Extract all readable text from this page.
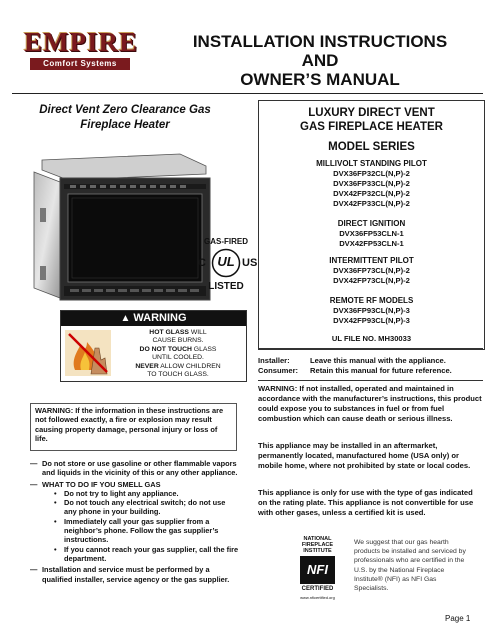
EMPIRE
Comfort Systems
INSTALLATION INSTRUCTIONS
AND
OWNER’S MANUAL
Direct Vent Zero Clearance Gas
Fireplace Heater
GAS-FIRED
UL
C	US
LISTED
▲ WARNING
HOT GLASS WILL
CAUSE BURNS.
DO NOT TOUCH GLASS
UNTIL COOLED.
NEVER ALLOW CHILDREN
TO TOUCH GLASS.
WARNING: If the information in these instructions are not followed exactly, a fire or explosion may result causing property damage, personal injury or loss of life.
— Do not store or use gasoline or other flammable vapors and liquids in the vicinity of this or any other appliance.
— WHAT TO DO IF YOU SMELL GAS
• Do not try to light any appliance.
• Do not touch any electrical switch; do not use any phone in your building.
• Immediately call your gas supplier from a neighbor’s phone. Follow the gas supplier’s instructions.
• If you cannot reach your gas supplier, call the fire department.
— Installation and service must be performed by a qualified installer, service agency or the gas supplier.
LUXURY DIRECT VENT
GAS FIREPLACE HEATER
MODEL SERIES
MILLIVOLT STANDING PILOT
DVX36FP32CL(N,P)-2
DVX36FP33CL(N,P)-2
DVX42FP32CL(N,P)-2
DVX42FP33CL(N,P)-2
DIRECT IGNITION
DVX36FP53CLN-1
DVX42FP53CLN-1
INTERMITTENT PILOT
DVX36FP73CL(N,P)-2
DVX42FP73CL(N,P)-2
REMOTE RF MODELS
DVX36FP93CL(N,P)-3
DVX42FP93CL(N,P)-3
UL FILE NO. MH30033
Installer:	Leave this manual with the appliance.
Consumer: Retain this manual for future reference.
WARNING: If not installed, operated and maintained in accordance with the manufacturer’s instructions, this product could expose you to substances in fuel or from fuel combustion which can cause death or serious illness.
This appliance may be installed in an aftermarket, permanently located, manufactured home (USA only) or mobile home, where not prohibited by state or local codes.
This appliance is only for use with the type of gas indicated on the rating plate. This appliance is not convertible for use with other gases, unless a certified kit is used.
NATIONAL
FIREPLACE
INSTITUTE
NFI
CERTIFIED
www.nficertified.org
We suggest that our gas hearth products be installed and serviced by professionals who are certified in the U.S. by the National Fireplace Institute® (NFI) as NFI Gas Specialists.
Page 1
